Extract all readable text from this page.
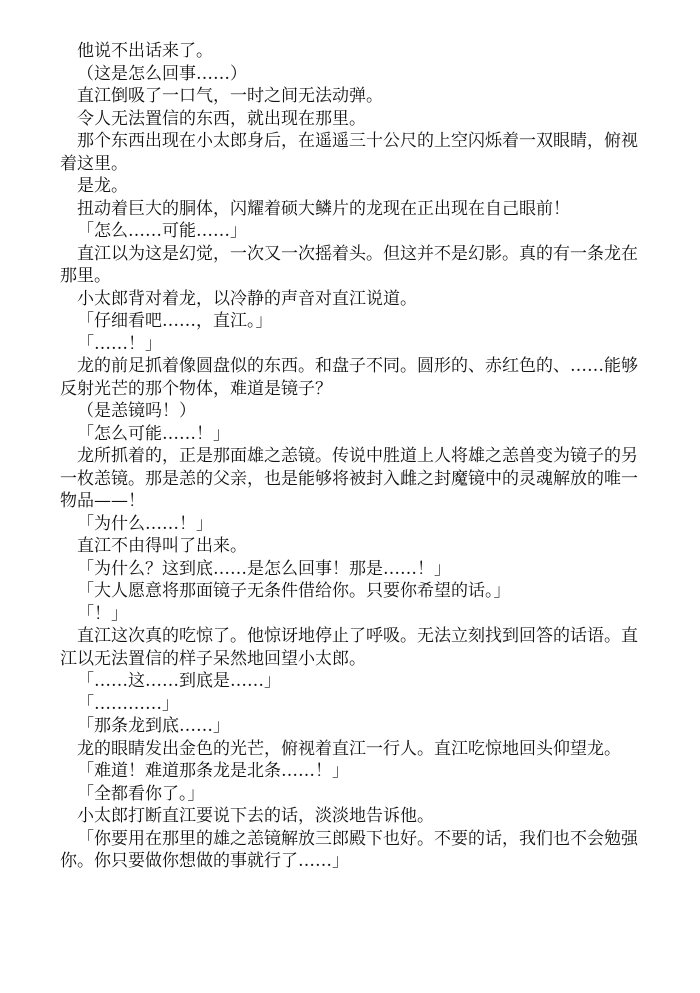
他说不出话来了。

（这是怎么回事……）

直江倒吸了一口气，一时之间无法动弹。

令人无法置信的东西，就出现在那里。

那个东西出现在小太郎身后，在遥遥三十公尺的上空闪烁着一双眼睛，俯视着这里。

是龙。

扭动着巨大的胴体，闪耀着硕大鳞片的龙现在正出现在自己眼前！

「怎么……可能……」

直江以为这是幻觉，一次又一次摇着头。但这并不是幻影。真的有一条龙在那里。

小太郎背对着龙，以冷静的声音对直江说道。

「仔细看吧……，直江。」

「……！」

龙的前足抓着像圆盘似的东西。和盘子不同。圆形的、赤红色的、……能够反射光芒的那个物体，难道是镜子？

（是恙镜吗！）

「怎么可能……！」

龙所抓着的，正是那面雄之恙镜。传说中胜道上人将雄之恙兽变为镜子的另一枚恙镜。那是恙的父亲，也是能够将被封入雌之封魔镜中的灵魂解放的唯一物品——！

「为什么……！」

直江不由得叫了出来。

「为什么？这到底……是怎么回事！那是……！」

「大人愿意将那面镜子无条件借给你。只要你希望的话。」

「！」

直江这次真的吃惊了。他惊讶地停止了呼吸。无法立刻找到回答的话语。直江以无法置信的样子呆然地回望小太郎。

「……这……到底是……」

「…………」

「那条龙到底……」

龙的眼睛发出金色的光芒，俯视着直江一行人。直江吃惊地回头仰望龙。

「难道！难道那条龙是北条……！」

「全都看你了。」

小太郎打断直江要说下去的话，淡淡地告诉他。

「你要用在那里的雄之恙镜解放三郎殿下也好。不要的话，我们也不会勉强你。你只要做你想做的事就行了……」
